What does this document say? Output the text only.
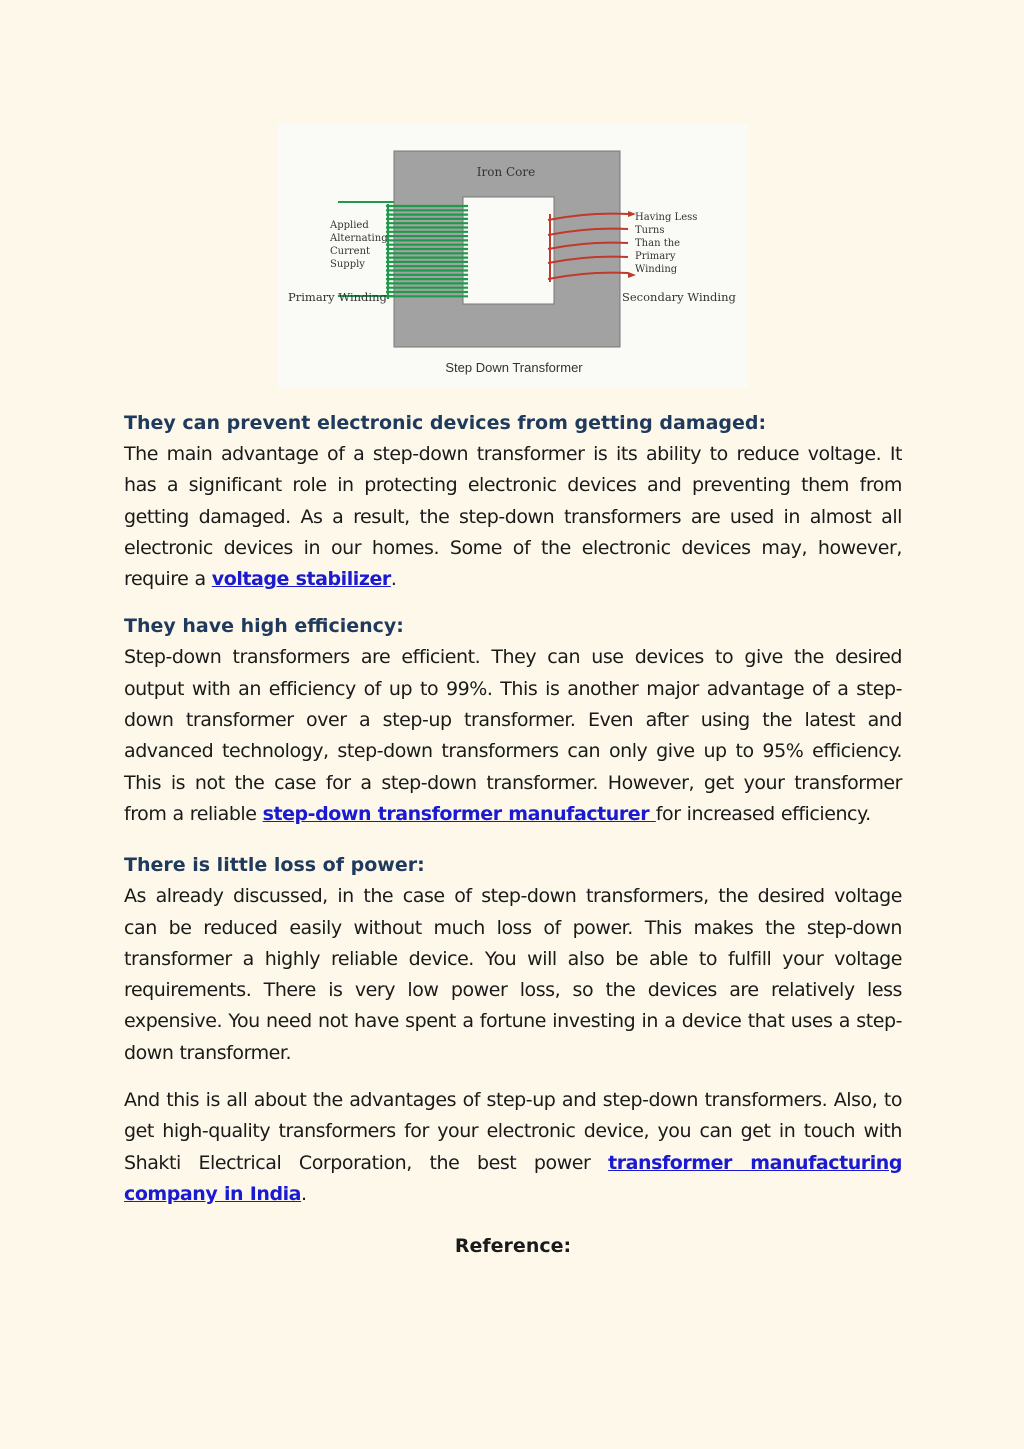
Iron Core
Applied Alternating Current Supply
Having Less Turns Than the Primary Winding
Primary Winding	Secondary Winding
Step Down Transformer

They can prevent electronic devices from getting damaged:

The main advantage of a step-down transformer is its ability to reduce voltage. It has a significant role in protecting electronic devices and preventing them from getting damaged. As a result, the step-down transformers are used in almost all electronic devices in our homes. Some of the electronic devices may, however, require a voltage stabilizer.

They have high efficiency:

Step-down transformers are efficient. They can use devices to give the desired output with an efficiency of up to 99%. This is another major advantage of a step-down transformer over a step-up transformer. Even after using the latest and advanced technology, step-down transformers can only give up to 95% efficiency. This is not the case for a step-down transformer. However, get your transformer from a reliable step-down transformer manufacturer for increased efficiency.

There is little loss of power:

As already discussed, in the case of step-down transformers, the desired voltage can be reduced easily without much loss of power. This makes the step-down transformer a highly reliable device. You will also be able to fulfill your voltage requirements. There is very low power loss, so the devices are relatively less expensive. You need not have spent a fortune investing in a device that uses a step-down transformer.

And this is all about the advantages of step-up and step-down transformers. Also, to get high-quality transformers for your electronic device, you can get in touch with Shakti Electrical Corporation, the best power transformer manufacturing company in India.

Reference:
